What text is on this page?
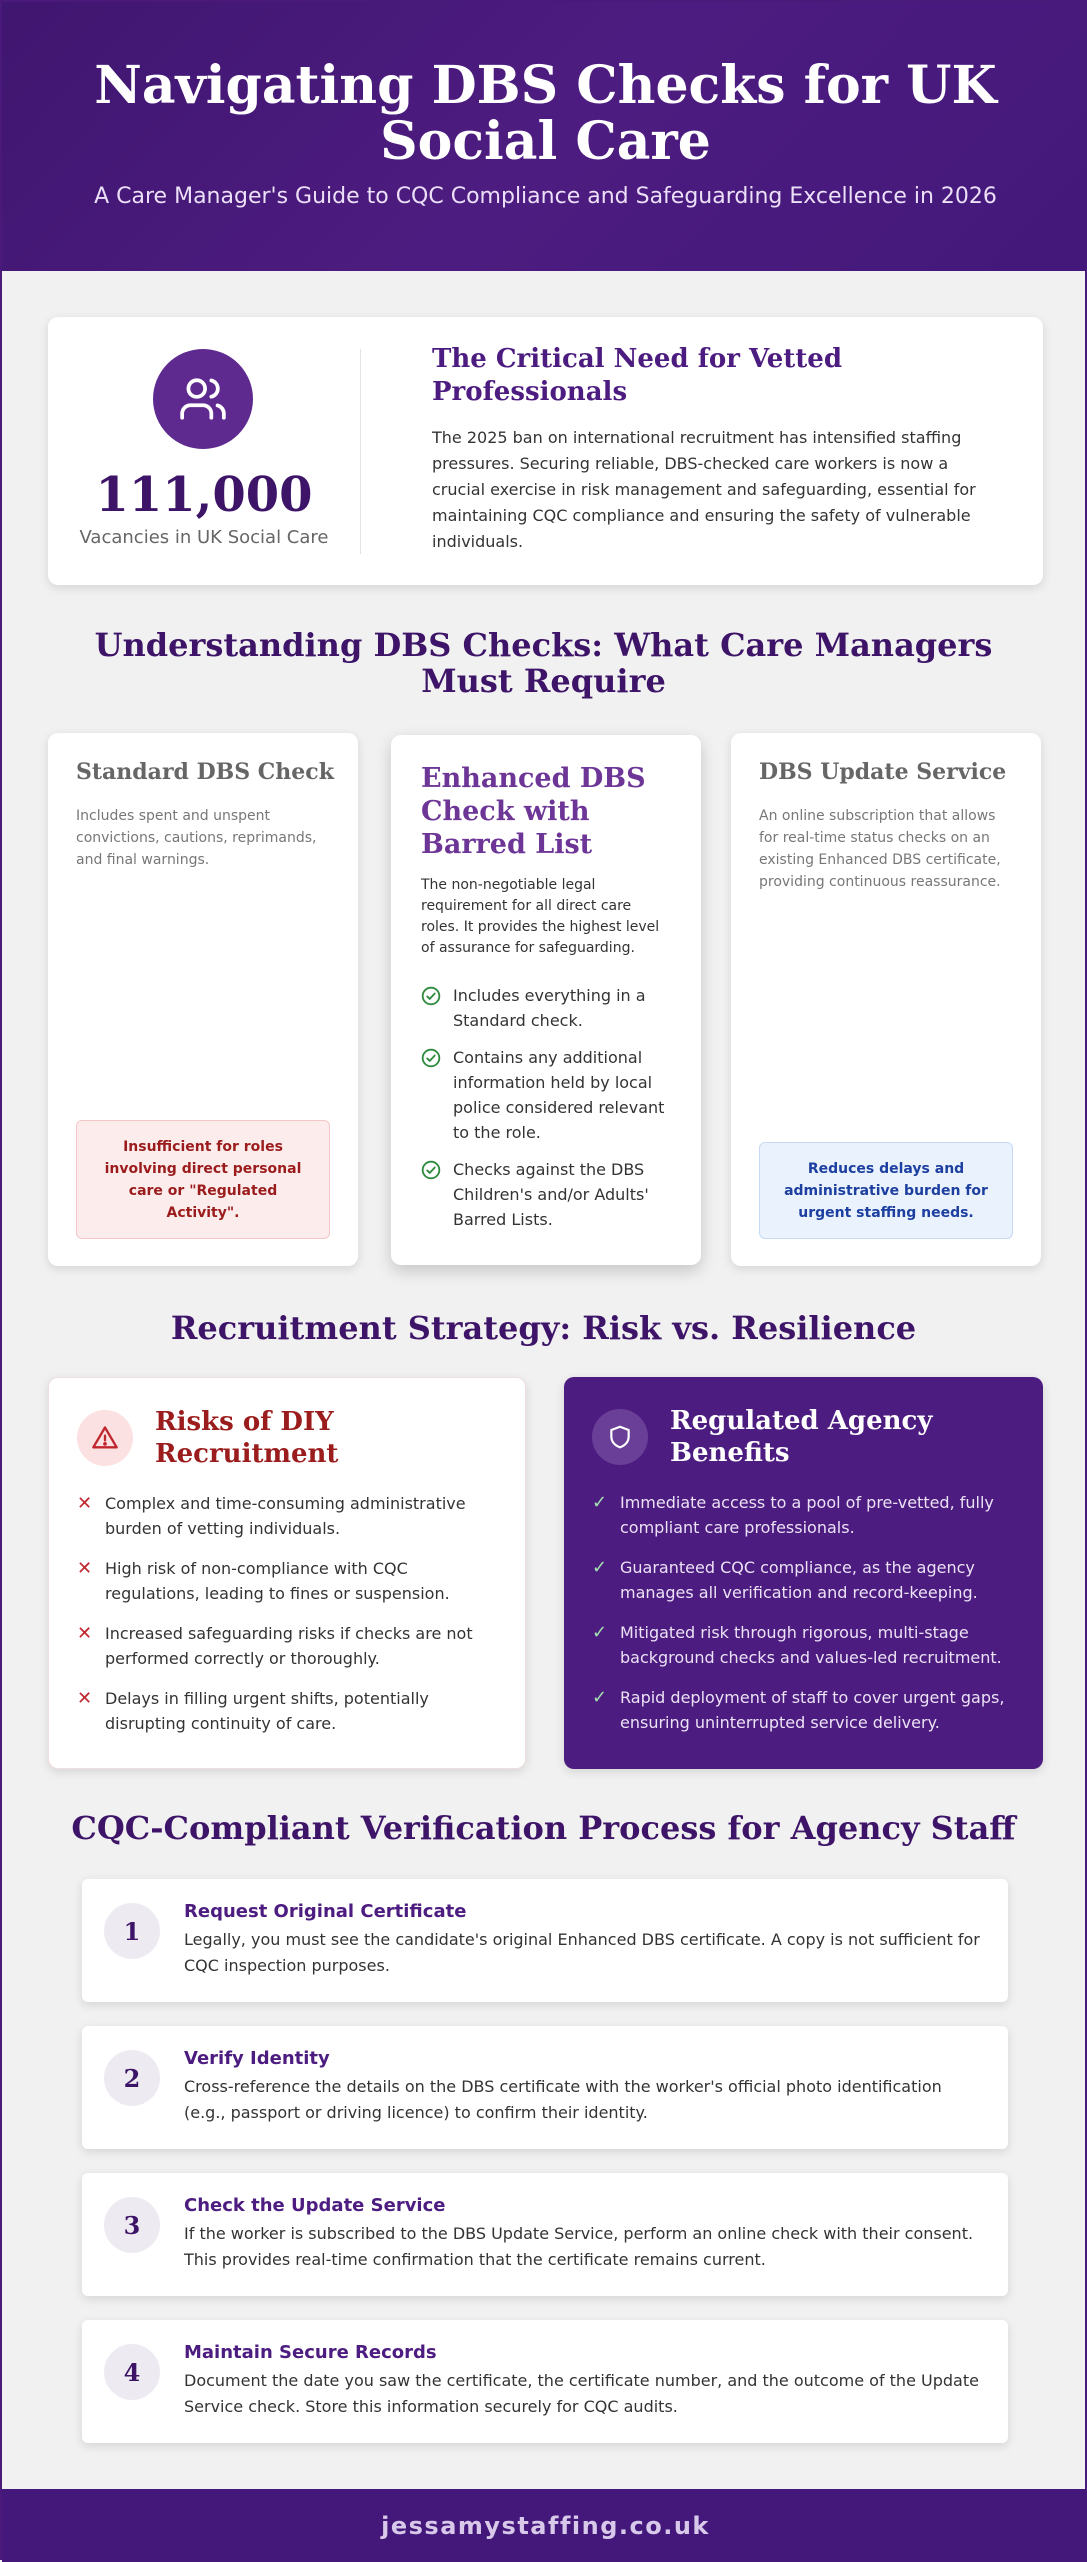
Navigating DBS Checks for UK Social Care

A Care Manager's Guide to CQC Compliance and Safeguarding Excellence in 2026

111,000
Vacancies in UK Social Care
The Critical Need for Vetted Professionals

The 2025 ban on international recruitment has intensified staffing pressures. Securing reliable, DBS-checked care workers is now a crucial exercise in risk management and safeguarding, essential for maintaining CQC compliance and ensuring the safety of vulnerable individuals.

Understanding DBS Checks: What Care Managers Must Require
Standard DBS Check

Includes spent and unspent convictions, cautions, reprimands, and final warnings.

Insufficient for roles involving direct personal care or "Regulated Activity".
Enhanced DBS Check with Barred List

The non-negotiable legal requirement for all direct care roles. It provides the highest level of assurance for safeguarding.

Includes everything in a Standard check.
Contains any additional information held by local police considered relevant to the role.
Checks against the DBS Children's and/or Adults' Barred Lists.
DBS Update Service

An online subscription that allows for real-time status checks on an existing Enhanced DBS certificate, providing continuous reassurance.

Reduces delays and administrative burden for urgent staffing needs.
Recruitment Strategy: Risk vs. Resilience
Risks of DIY Recruitment
✕ Complex and time-consuming administrative burden of vetting individuals.
✕ High risk of non-compliance with CQC regulations, leading to fines or suspension.
✕ Increased safeguarding risks if checks are not performed correctly or thoroughly.
✕ Delays in filling urgent shifts, potentially disrupting continuity of care.
Regulated Agency Benefits
✓ Immediate access to a pool of pre-vetted, fully compliant care professionals.
✓ Guaranteed CQC compliance, as the agency manages all verification and record-keeping.
✓ Mitigated risk through rigorous, multi-stage background checks and values-led recruitment.
✓ Rapid deployment of staff to cover urgent gaps, ensuring uninterrupted service delivery.
CQC-Compliant Verification Process for Agency Staff
1
Request Original Certificate

Legally, you must see the candidate's original Enhanced DBS certificate. A copy is not sufficient for CQC inspection purposes.

2
Verify Identity

Cross-reference the details on the DBS certificate with the worker's official photo identification (e.g., passport or driving licence) to confirm their identity.

3
Check the Update Service

If the worker is subscribed to the DBS Update Service, perform an online check with their consent. This provides real-time confirmation that the certificate remains current.

4
Maintain Secure Records

Document the date you saw the certificate, the certificate number, and the outcome of the Update Service check. Store this information securely for CQC audits.

jessamystaffing.co.uk
